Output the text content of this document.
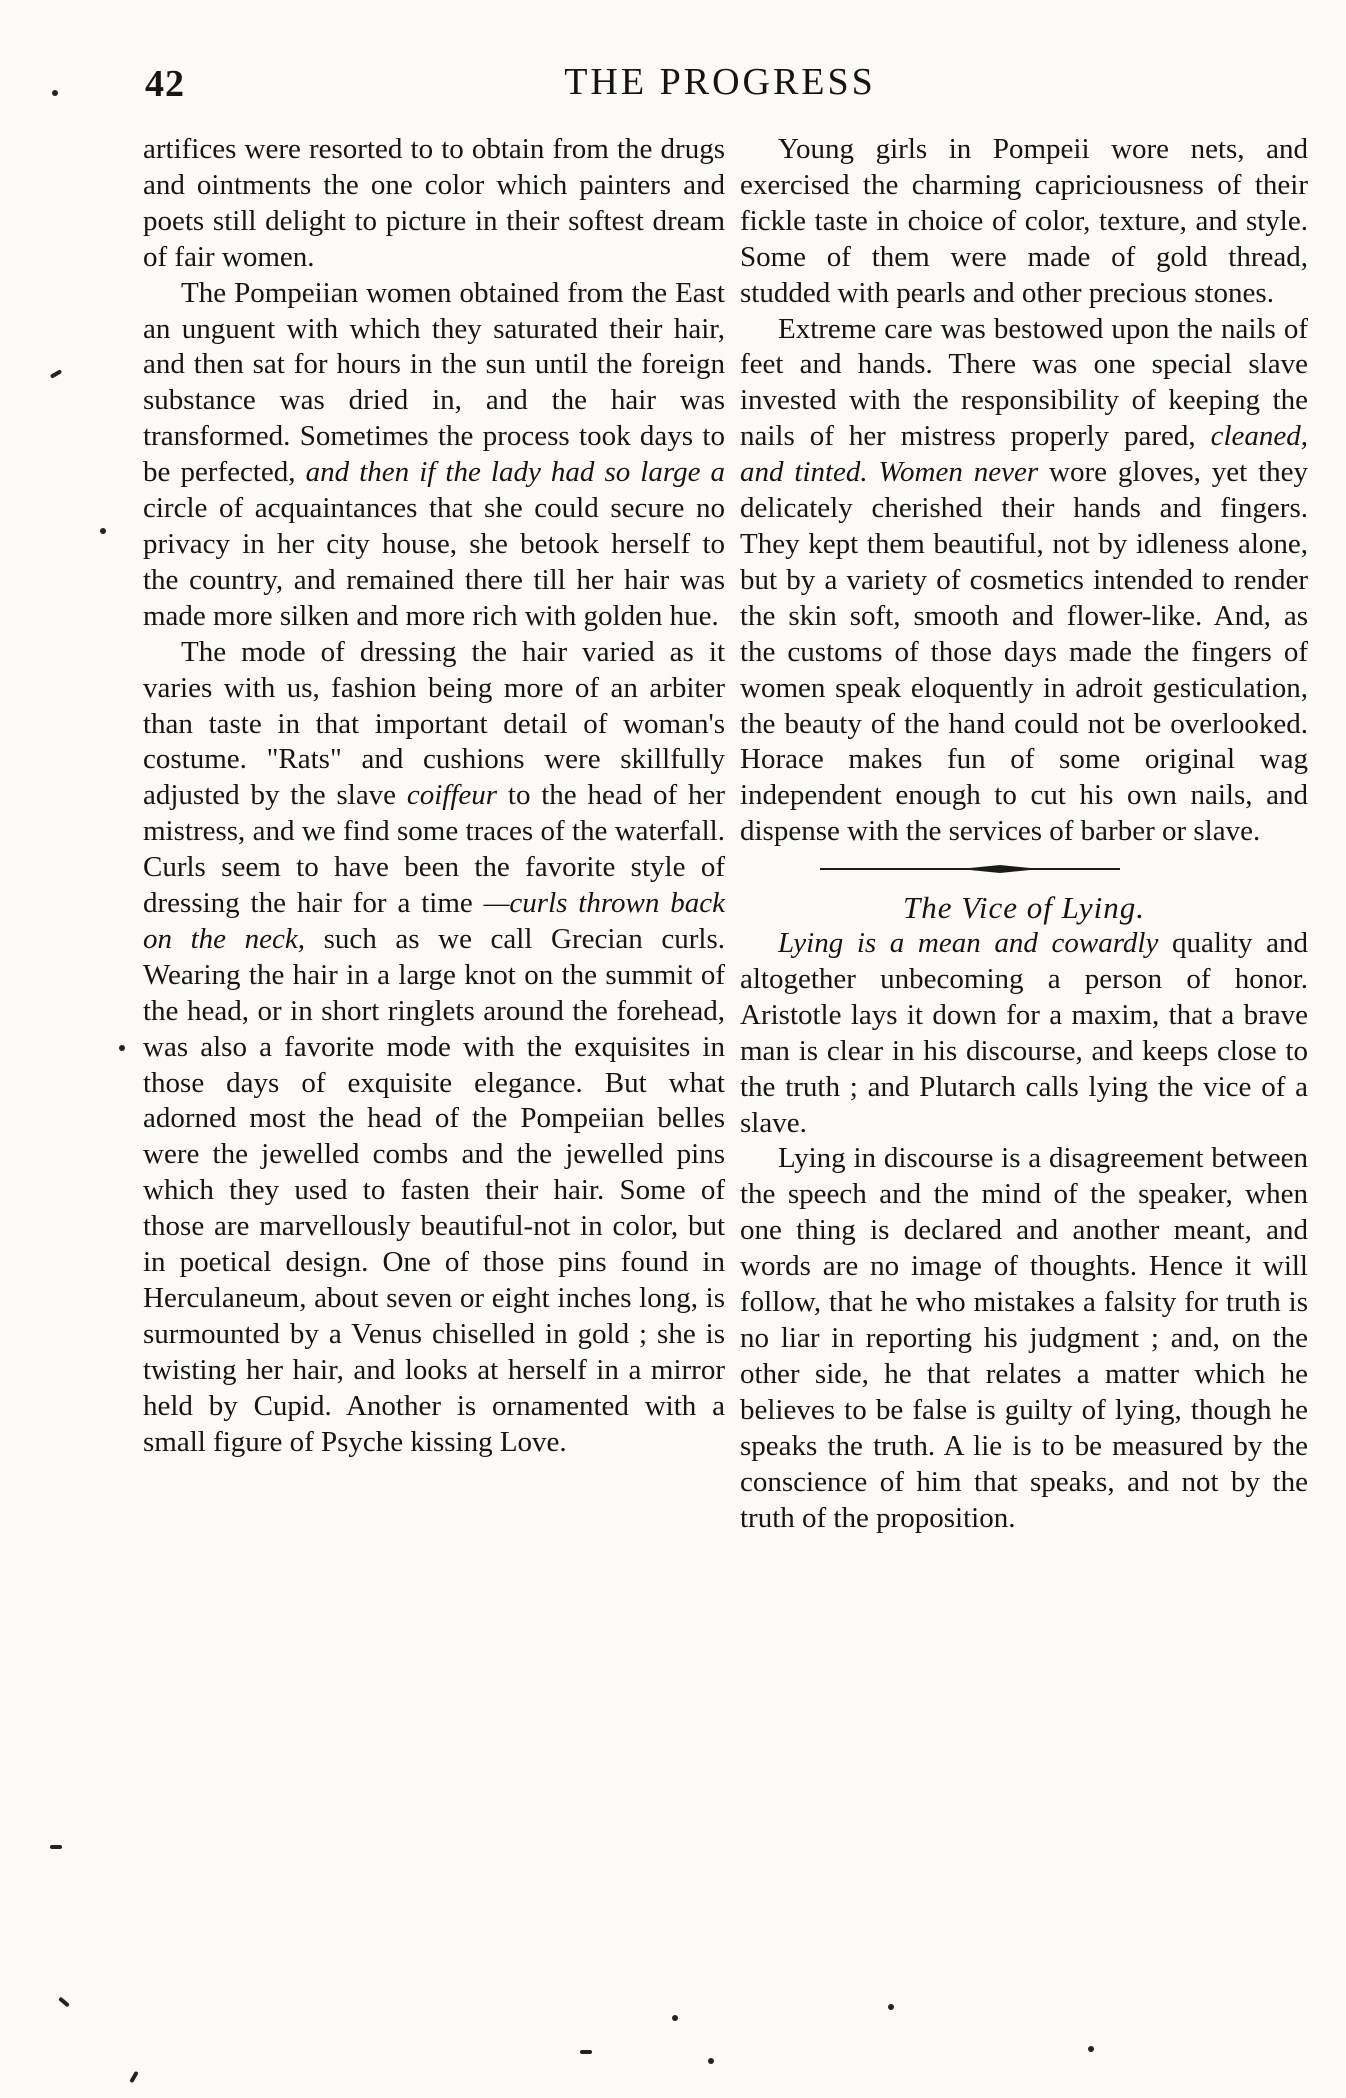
42	THE PROGRESS

artifices were resorted to to obtain from the drugs and ointments the one color which painters and poets still delight to picture in their softest dream of fair women.

The Pompeiian women obtained from the East an unguent with which they saturated their hair, and then sat for hours in the sun until the foreign substance was dried in, and the hair was transformed. Sometimes the process took days to be perfected, and then if the lady had so large a circle of acquaintances that she could secure no privacy in her city house, she betook herself to the country, and remained there till her hair was made more silken and more rich with golden hue.

The mode of dressing the hair varied as it varies with us, fashion being more of an arbiter than taste in that important detail of woman's costume. "Rats" and cushions were skillfully adjusted by the slave coiffeur to the head of her mistress, and we find some traces of the waterfall. Curls seem to have been the favorite style of dressing the hair for a time —curls thrown back on the neck, such as we call Grecian curls. Wearing the hair in a large knot on the summit of the head, or in short ringlets around the forehead, was also a favorite mode with the exquisites in those days of exquisite elegance. But what adorned most the head of the Pompeiian belles were the jewelled combs and the jewelled pins which they used to fasten their hair. Some of those are marvellously beautiful-not in color, but in poetical design. One of those pins found in Herculaneum, about seven or eight inches long, is surmounted by a Venus chiselled in gold ; she is twisting her hair, and looks at herself in a mirror held by Cupid. Another is ornamented with a small figure of Psyche kissing Love.

Young girls in Pompeii wore nets, and exercised the charming capriciousness of their fickle taste in choice of color, texture, and style. Some of them were made of gold thread, studded with pearls and other precious stones.

Extreme care was bestowed upon the nails of feet and hands. There was one special slave invested with the responsibility of keeping the nails of her mistress properly pared, cleaned, and tinted. Women never wore gloves, yet they delicately cherished their hands and fingers. They kept them beautiful, not by idleness alone, but by a variety of cosmetics intended to render the skin soft, smooth and flower-like. And, as the customs of those days made the fingers of women speak eloquently in adroit gesticulation, the beauty of the hand could not be overlooked. Horace makes fun of some original wag independent enough to cut his own nails, and dispense with the services of barber or slave.

The Vice of Lying.

Lying is a mean and cowardly quality and altogether unbecoming a person of honor. Aristotle lays it down for a maxim, that a brave man is clear in his discourse, and keeps close to the truth ; and Plutarch calls lying the vice of a slave.

Lying in discourse is a disagreement between the speech and the mind of the speaker, when one thing is declared and another meant, and words are no image of thoughts. Hence it will follow, that he who mistakes a falsity for truth is no liar in reporting his judgment ; and, on the other side, he that relates a matter which he believes to be false is guilty of lying, though he speaks the truth. A lie is to be measured by the conscience of him that speaks, and not by the truth of the proposition.
